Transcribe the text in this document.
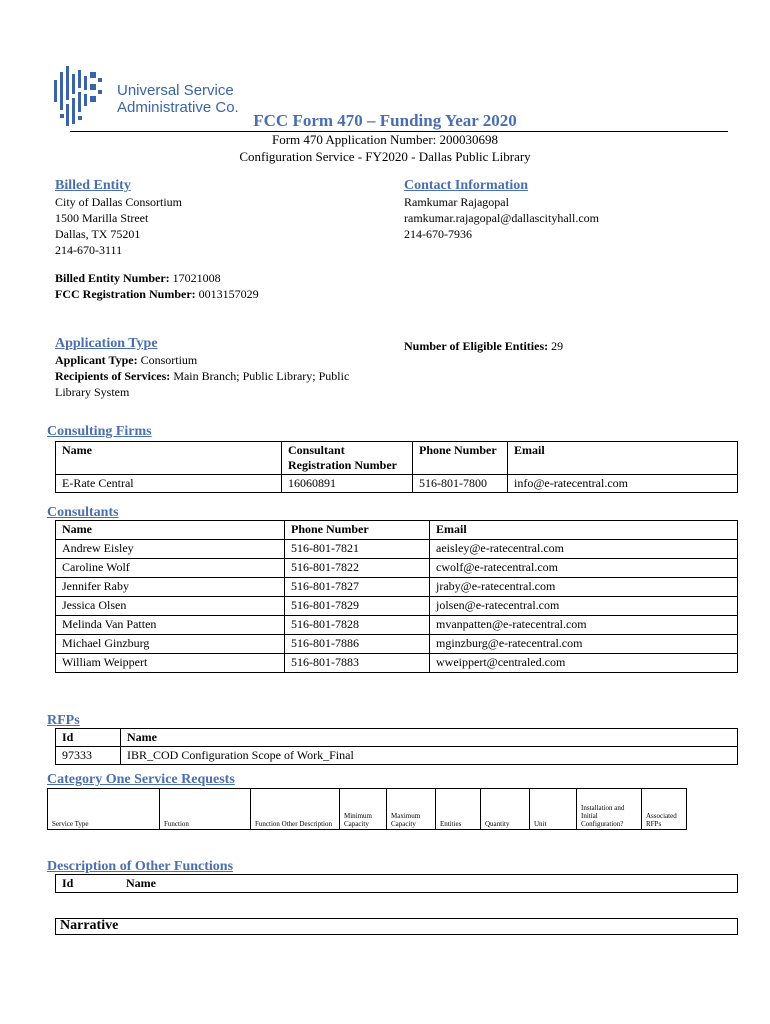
Universal Service
Administrative Co.
FCC Form 470 – Funding Year 2020
Form 470 Application Number: 200030698
Configuration Service - FY2020 - Dallas Public Library
Billed Entity
City of Dallas Consortium
1500 Marilla Street
Dallas, TX 75201
214-670-3111
Contact Information
Ramkumar Rajagopal
ramkumar.rajagopal@dallascityhall.com
214-670-7936
Billed Entity Number: 17021008
FCC Registration Number: 0013157029
Application Type
Applicant Type: Consortium
Recipients of Services: Main Branch; Public Library; Public Library System
Number of Eligible Entities: 29
Consulting Firms
Name	Consultant Registration Number	Phone Number	Email
E-Rate Central	16060891	516-801-7800	info@e-ratecentral.com
Consultants
Name	Phone Number	Email
Andrew Eisley	516-801-7821	aeisley@e-ratecentral.com
Caroline Wolf	516-801-7822	cwolf@e-ratecentral.com
Jennifer Raby	516-801-7827	jraby@e-ratecentral.com
Jessica Olsen	516-801-7829	jolsen@e-ratecentral.com
Melinda Van Patten	516-801-7828	mvanpatten@e-ratecentral.com
Michael Ginzburg	516-801-7886	mginzburg@e-ratecentral.com
William Weippert	516-801-7883	wweippert@centraled.com
RFPs
Id	Name
97333	IBR_COD Configuration Scope of Work_Final
Category One Service Requests
Service Type	Function	Function Other Description	Minimum Capacity	Maximum Capacity	Entities	Quantity	Unit	Installation and Initial Configuration?	Associated RFPs
Description of Other Functions
Id	Name
Narrative
